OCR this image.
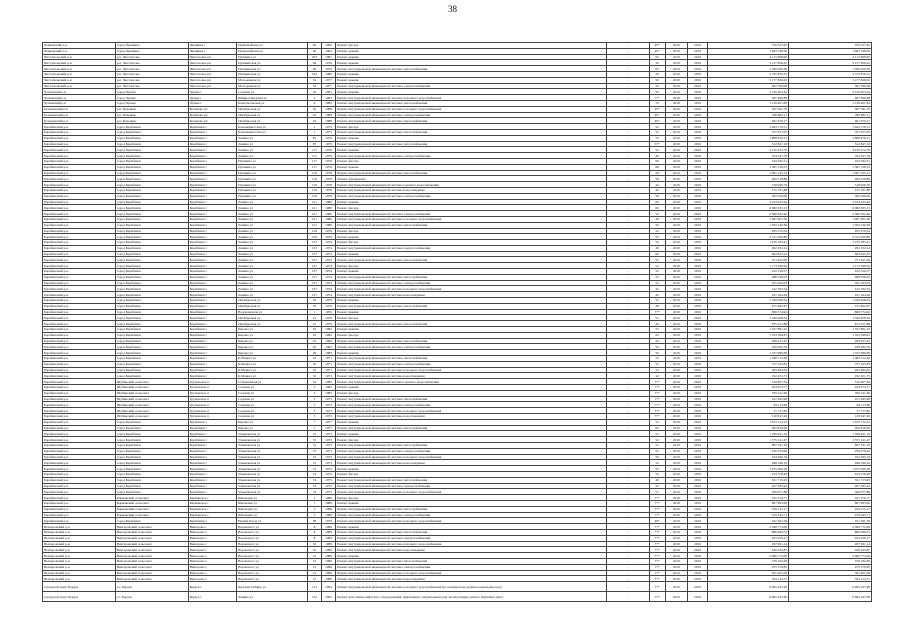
38
Чернянский р-н	город Чернянка	Чернянка г	Первомайская ул	46	1962	Ремонт фасада	-	40*	2019	2019	376 527,65	376 527,65
Чернянский р-н	город Чернянка	Чернянка г	Первомайская ул	46	1962	Ремонт крыши	-	40*	2019	2019	1 663 748,50	1 663 748,50
Чистопольский р-н	р.п. Чистополье	Чистополье рп	Пушкина ул	203	1981	Ремонт крыши	-	62	2019	2019	4 115 908,00	4 115 908,00
Чистопольский р-н	р.п. Чистополье	Чистополье рп	Пушкинская ул	49	1976	Ремонт крыши	-	50	2019	2019	5 217 856,22	5 217 856,22
Чистопольский р-н	р.п. Чистополье	Чистополье рп	Пушкинская ул	49	1976	Ремонт внутридомовой инженерной системы теплоснабжения	-	63	2019	2019	1 599 200,36	1 599 200,36
Чистопольский р-н	р.п. Чистополье	Чистополье рп	Пушкинская ул	104	1980	Ремонт крыши	-	50	2019	2019	3 725 876,52	3 725 876,52
Чистопольский р-н	р.п. Чистополье	Чистополье рп	Молодежная ул	54	1977	Ремонт крыши	-	50	2019	2019	5 177 826,03	5 177 826,03
Чистопольский р-н	р.п. Чистополье	Чистополье рп	Молодежная ул	54	1977	Ремонт внутридомовой инженерной системы электроснабжения	-	50	2019	2019	302 796,08	302 796,08
Чулымский р-н	город Чулым	Чулым г	Садовая ул	16	1981	Ремонт крыши	-	50	2019	2019	3 150 403,44	3 150 403,44
Чулымский р-н	город Чулым	Чулым г	Шифрозаводская ул	2	1983	Ремонт внутридомовой инженерной системы холодного водоснабжения	-	77*	2019	2019	487 690,88	487 690,88
Чулымский р-н	город Чулым	Чулым г	Комсомольская ул	6	1982	Ремонт внутридомовой инженерной системы теплоснабжения	-	70	2019	2019	1 129 401,84	1 129 401,84
Коченевский р-н	р.п. Коченево	Коченево рп	Октябрьская ул	16	1988	Ремонт внутридомовой инженерной системы холодного водоснабжения	-	40*	2019	2019	367 591,70	367 591,70
Коченевский р-н	р.п. Коченево	Коченево рп	Октябрьская ул	16	1988	Ремонт внутридомовой инженерной системы электроснабжения	-	40*	2019	2019	269 862,11	269 862,11
Коченевский р-н	р.п. Коченево	Коченево рп	Октябрьская ул	16	1988	Ремонт внутридомовой инженерной системы теплоснабжения	-	40*	2019	2019	461 979,17	461 979,17
Барабинский р-н	город Барабинск	Барабинск г	Большевистская ул	1	1973	Ремонт фасада	-	52	2019	2019	1 643 170,51	1 643 170,51
Барабинский р-н	город Барабинск	Барабинск г	Большевистская ул	1	1973	Ремонт внутридомовой инженерной системы теплоснабжения	-	52	2019	2019	707 817,05	707 817,05
Барабинский р-н	город Барабинск	Барабинск г	Ленина ул	87	1979	Ремонт крыши	-	70	2019	2019	1 808 676,31	1 808 676,31
Барабинский р-н	город Барабинск	Барабинск г	Ленина ул	87	1979	Ремонт внутридомовой инженерной системы теплоснабжения	-	53*	2019	2019	312 847,16	312 847,16
Барабинский р-н	город Барабинск	Барабинск г	Ленина ул	117	1976	Ремонт крыши	-	52	2019	2019	3 210 272,79	3 210 272,79
Барабинский р-н	город Барабинск	Барабинск г	Ленина ул	117	1976	Ремонт внутридомовой инженерной системы электроснабжения	-	49	2019	2019	704 347,78	704 347,78
Барабинский р-н	город Барабинск	Барабинск г	Пушкина ул	117	1976	Ремонт фасада	-	60	2019	2019	194 592,51	194 592,51
Барабинский р-н	город Барабинск	Барабинск г	Пушкина ул	117	1976	Ремонт крыши	-	68	2019	2019	1 581 136,53	1 581 136,53
Барабинский р-н	город Барабинск	Барабинск г	Пушкина ул	119	1978	Ремонт внутридомовой инженерной системы теплоснабжения	-	58	2019	2019	1 001 235,13	1 001 235,13
Барабинский р-н	город Барабинск	Барабинск г	Пушкина ул	119	1978	Ремонт фундамента	-	58	2019	2019	409 318,89	409 318,89
Барабинский р-н	город Барабинск	Барабинск г	Пушкина ул	119	1978	Ремонт внутридомовой инженерной системы горячего водоснабжения	-	42	2019	2019	318 926,76	318 926,76
Барабинский р-н	город Барабинск	Барабинск г	Пушкина ул	119	1978	Ремонт внутридомовой инженерной системы водоотведения	-	42	2019	2019	155 791,88	155 791,88
Барабинский р-н	город Барабинск	Барабинск г	Пушкина ул	119	1978	Ремонт внутридомовой инженерной системы электроснабжения	-	58	2019	2019	302 036,06	302 036,06
Барабинский р-н	город Барабинск	Барабинск г	Ленина ул	121	1980	Ремонт крыши	-	60	2019	2019	3 254 433,44	3 254 433,44
Барабинский р-н	город Барабинск	Барабинск г	Ленина ул	121	1980	Ремонт фасада	-	60	2019	2019	6 082 633,13	6 082 633,13
Барабинский р-н	город Барабинск	Барабинск г	Ленина ул	121	1980	Ремонт внутридомовой инженерной системы электроснабжения	-	52	2019	2019	2 380 652,46	2 380 652,46
Барабинский р-н	город Барабинск	Барабинск г	Ленина ул	121	1980	Ремонт внутридомовой инженерной системы холодного водоснабжения	-	38	2019	2019	1 097 401,56	1 097 401,56
Барабинский р-н	город Барабинск	Барабинск г	Ленина ул	121	1980	Ремонт внутридомовой инженерной системы теплоснабжения	-	50	2019	2019	1 593 230,36	1 593 230,36
Барабинский р-н	город Барабинск	Барабинск г	Ленина ул	129	1979	Ремонт фасада	-	52	2019	2019	955 370,34	955 370,34
Барабинский р-н	город Барабинск	Барабинск г	Ленина ул	129	1979	Ремонт крыши	-	52	2019	2019	2 511 950,89	2 511 950,89
Барабинский р-н	город Барабинск	Барабинск г	Ленина ул	133	1974	Ремонт фасада	-	52	2019	2019	1 276 185,41	1 276 185,41
Барабинский р-н	город Барабинск	Барабинск г	Ленина ул	133	1974	Ремонт внутридомовой инженерной системы электроснабжения	-	49	2019	2019	292 252,14	292 252,14
Барабинский р-н	город Барабинск	Барабинск г	Ленина ул	137	1974	Ремонт крыши	-	60	2019	2019	604 625,25	604 625,25
Барабинский р-н	город Барабинск	Барабинск г	Ленина ул	137	1974	Ремонт внутридомовой инженерной системы теплоснабжения	-	52	2019	2019	271 811,09	271 811,09
Барабинский р-н	город Барабинск	Барабинск г	Ленина ул	137	1974	Ремонт фасада	-	52	2019	2019	1 173 598,56	1 173 598,56
Барабинский р-н	город Барабинск	Барабинск г	Ленина ул	137	1974	Ремонт крыши	-	52	2019	2019	912 319,57	912 319,57
Барабинский р-н	город Барабинск	Барабинск г	Ленина ул	137	1974	Ремонт внутридомовой инженерной системы теплоснабжения	-	52	2019	2019	488 336,03	488 336,03
Барабинский р-н	город Барабинск	Барабинск г	Ленина ул	137	1974	Ремонт внутридомовой инженерной системы электроснабжения	-	52	2019	2019	181 264,03	181 264,03
Барабинский р-н	город Барабинск	Барабинск г	Ленина ул	137	1974	Ремонт внутридомовой инженерной системы холодного водоснабжения	-	42	2019	2019	122 762,54	122 762,54
Барабинский р-н	город Барабинск	Барабинск г	Ленина ул	137	1974	Ремонт внутридомовой инженерной системы водоотведения	-	42	2019	2019	221 594,26	221 594,26
Барабинский р-н	город Барабинск	Барабинск г	Октябрьская ул	18	1976	Ремонт крыши	-	52	2019	2019	1 349 628,34	1 349 628,34
Барабинский р-н	город Барабинск	Барабинск г	Октябрьская ул	18	1976	Ремонт внутридомовой инженерной системы теплоснабжения	-	49	2019	2019	471 602,67	471 602,67
Барабинский р-н	город Барабинск	Барабинск г	Водокачечная ул	1	1976	Ремонт крыши	-	77*	2019	2019	806 574,92	806 574,92
Барабинский р-н	город Барабинск	Барабинск г	Октябрьская ул	21	1976	Ремонт фасада	-	52	2019	2019	1 349 628,34	1 349 628,34
Барабинский р-н	город Барабинск	Барабинск г	Октябрьская ул	21	1976	Ремонт внутридомовой инженерной системы теплоснабжения	-	42	2019	2019	875 251,88	875 251,88
Барабинский р-н	город Барабинск	Барабинск г	Кирова ул	25	1982	Ремонт крыши	-	57	2019	2019	1 357 891,22	1 357 891,22
Барабинский р-н	город Барабинск	Барабинск г	Кирова ул	25	1982	Ремонт фасада	-	63	2019	2019	1 353 568,81	1 353 568,81
Барабинский р-н	город Барабинск	Барабинск г	Кирова ул	25	1982	Ремонт внутридомовой инженерной системы теплоснабжения	-	50	2019	2019	268 427,45	268 427,45
Барабинский р-н	город Барабинск	Барабинск г	Кирова ул	25	1982	Ремонт внутридомовой инженерной системы электроснабжения	-	50	2019	2019	439 282,76	439 282,76
Барабинский р-н	город Барабинск	Барабинск г	Кирова ул	29	1983	Ремонт крыши	-	50	2019	2019	1 337 999,69	1 337 999,69
Барабинский р-н	город Барабинск	Барабинск г	К.Маркса ул	32	1971	Ремонт внутридомовой инженерной системы теплоснабжения	-	52	2019	2019	1 409 112,46	1 409 112,46
Барабинский р-н	город Барабинск	Барабинск г	К.Маркса ул	32	1971	Ремонт внутридомовой инженерной системы электроснабжения	-	52	2019	2019	757 245,83	757 245,83
Барабинский р-н	город Барабинск	Барабинск г	К.Маркса ул	32	1971	Ремонт внутридомовой инженерной системы холодного водоснабжения	-	52	2019	2019	265 664,62	265 664,62
Барабинский р-н	город Барабинск	Барабинск г	К.Маркса ул	32	1971	Ремонт внутридомовой инженерной системы водоотведения	-	42	2019	2019	192 451,73	192 451,73
Барабинский р-н	Шубинский сельсовет	Труновское п	Станционная ул	52	1985	Ремонт внутридомовой инженерной системы горячего водоснабжения	-	77*	2019	2019	316 907,59	316 907,59
Барабинский р-н	Шубинский сельсовет	Труновское п	Садовая ул	3	1985	Ремонт крыши	-	77*	2019	2019	434 974,77	434 974,77
Барабинский р-н	Шубинский сельсовет	Труновское п	Садовая ул	3	1985	Ремонт фасада	-	77*	2019	2019	709 241,66	709 241,66
Барабинский р-н	Шубинский сельсовет	Труновское п	Садовая ул	5	1973	Ремонт внутридомовой инженерной системы теплоснабжения	-	77*	2019	2019	221 645,98	221 645,98
Барабинский р-н	Шубинский сельсовет	Труновское п	Садовая ул	5	1973	Ремонт внутридомовой инженерной системы электроснабжения	-	77*	2019	2019	84 113,66	84 113,66
Барабинский р-н	Шубинский сельсовет	Труновское п	Садовая ул	5	1973	Ремонт внутридомовой инженерной системы холодного водоснабжения	-	77*	2019	2019	71 717,82	71 717,82
Барабинский р-н	Шубинский сельсовет	Труновское п	Садовая ул	5	1973	Ремонт внутридомовой инженерной системы водоотведения	-	77*	2019	2019	126 647,49	126 647,49
Барабинский р-н	город Барабинск	Барабинск г	Кирова ул	7	1977	Ремонт крыши	-	52	2019	2019	1 672 114,15	1 672 114,15
Барабинский р-н	город Барабинск	Барабинск г	Кирова ул	7	1977	Ремонт внутридомовой инженерной системы теплоснабжения	-	60	2019	2019	492 816,06	492 816,06
Барабинский р-н	город Барабинск	Барабинск г	Ульяновская ул	72	1973	Ремонт крыши	-	52	2019	2019	1 769 621,19	1 769 621,19
Барабинский р-н	город Барабинск	Барабинск г	Ульяновская ул	72	1973	Ремонт фасада	-	52	2019	2019	1 375 141,47	1 375 141,47
Барабинский р-н	город Барабинск	Барабинск г	Ульяновская ул	72	1973	Ремонт внутридомовой инженерной системы теплоснабжения	-	52	2019	2019	897 541,18	897 541,18
Барабинский р-н	город Барабинск	Барабинск г	Ульяновская ул	72	1973	Ремонт внутридомовой инженерной системы электроснабжения	-	52	2019	2019	256 279,62	256 279,62
Барабинский р-н	город Барабинск	Барабинск г	Ульяновская ул	72	1973	Ремонт внутридомовой инженерной системы холодного водоснабжения	-	50	2019	2019	104 390,19	104 390,19
Барабинский р-н	город Барабинск	Барабинск г	Ульяновская ул	72	1973	Ремонт внутридомовой инженерной системы водоотведения	-	52	2019	2019	948 546,19	948 546,19
Барабинский р-н	город Барабинск	Барабинск г	Ульяновская ул	74	1975	Ремонт крыши	-	52	2019	2019	1 075 306,18	1 075 306,18
Барабинский р-н	город Барабинск	Барабинск г	Ульяновская ул	74	1975	Ремонт фасада	-	52	2019	2019	614 578,48	614 578,48
Барабинский р-н	город Барабинск	Барабинск г	Ульяновская ул	74	1975	Ремонт внутридомовой инженерной системы теплоснабжения	-	49	2019	2019	551 715,93	551 715,93
Барабинский р-н	город Барабинск	Барабинск г	Ульяновская ул	74	1975	Ремонт внутридомовой инженерной системы электроснабжения	-	52	2019	2019	207 565,42	207 565,42
Барабинский р-н	город Барабинск	Барабинск г	Ульяновская ул	74	1975	Ремонт внутридомовой инженерной системы холодного водоснабжения	-	51	2019	2019	309 677,86	309 677,86
Барабинский р-н	Кармакский сельсовет	Кармакское с	Школьная ул	1	1986	Ремонт фасада	-	77*	2019	2019	191 376,77	191 376,77
Барабинский р-н	Кармакский сельсовет	Кармакское с	Школьная ул	1	1986	Ремонт крыши	-	77*	2019	2019	807 993,00	807 993,00
Барабинский р-н	Кармакский сельсовет	Кармакское с	Школьная ул	3	1986	Ремонт внутридомовой инженерной системы теплоснабжения	-	77*	2019	2019	256 215,17	256 215,17
Барабинский р-н	Кармакский сельсовет	Кармакское с	Школьная ул	3	1986	Ремонт внутридомовой инженерной системы электроснабжения	-	77*	2019	2019	479 345,71	479 345,71
Барабинский р-н	город Барабинск	Барабинск г	Новый Город ул	38	1979	Ремонт внутридомовой инженерной системы холодного водоснабжения	-	46*	2019	2019	161 591,59	161 591,59
Венгеровский р-н	Венгеровский сельсовет	Венгерово с	Воровского ул	8	1989	Ремонт крыши	-	77*	2019	2019	2 568 772,09	2 568 772,09
Венгеровский р-н	Венгеровский сельсовет	Венгерово с	Воровского ул	8	1989	Ремонт внутридомовой инженерной системы теплоснабжения	-	77*	2019	2019	866 496,53	866 496,53
Венгеровский р-н	Венгеровский сельсовет	Венгерово с	Воровского ул	8	1989	Ремонт внутридомовой инженерной системы электроснабжения	-	77*	2019	2019	423 256,17	423 256,17
Венгеровский р-н	Венгеровский сельсовет	Венгерово с	Воровского ул	10	1989	Ремонт внутридомовой инженерной системы холодного водоснабжения	-	77*	2019	2019	297 061,14	297 061,14
Венгеровский р-н	Венгеровский сельсовет	Венгерово с	Воровского ул	10	1989	Ремонт внутридомовой инженерной системы водоотведения	-	77*	2019	2019	456 245,87	456 245,87
Венгеровский р-н	Венгеровский сельсовет	Венгерово с	Воровского ул	12	1986	Ремонт крыши	-	77*	2019	2019	2 096 772,09	2 096 772,09
Венгеровский р-н	Венгеровский сельсовет	Венгерово с	Воровского ул	12	1986	Ремонт внутридомовой инженерной системы теплоснабжения	-	77*	2019	2019	376 192,09	376 192,09
Венгеровский р-н	Венгеровский сельсовет	Венгерово с	Воровского ул	12	1986	Ремонт внутридомовой инженерной системы электроснабжения	-	77*	2019	2019	475 579,85	475 579,85
Венгеровский р-н	Венгеровский сельсовет	Венгерово с	Воровского ул	12	1986	Ремонт внутридомовой инженерной системы холодного водоснабжения	-	77*	2019	2019	591 401,09	591 401,09
Венгеровский р-н	Венгеровский сельсовет	Венгерово с	Воровского ул	12	1986	Ремонт внутридомовой инженерной системы водоотведения	-	77*	2019	2019	543 114,77	543 114,77
городской округ Бердск	г.о. Бердск	Бердск г	Красная Сибирь ул	113	1963	Ремонт внутридомовой инженерной системы холодного водоснабжения (на техническом уровне подвальных вод)	-	77*	2019	2019	6 965 247,99	6 965 247,99
городской округ Бердск	г.о. Бердск	Бердск г	Ленина ул	13а	1963	Ремонт или замена лифтового оборудования, признанного непригодным для эксплуатации, ремонт лифтовых шахт	-	77*	2019	2019	6 965 247,99	6 965 247,99
